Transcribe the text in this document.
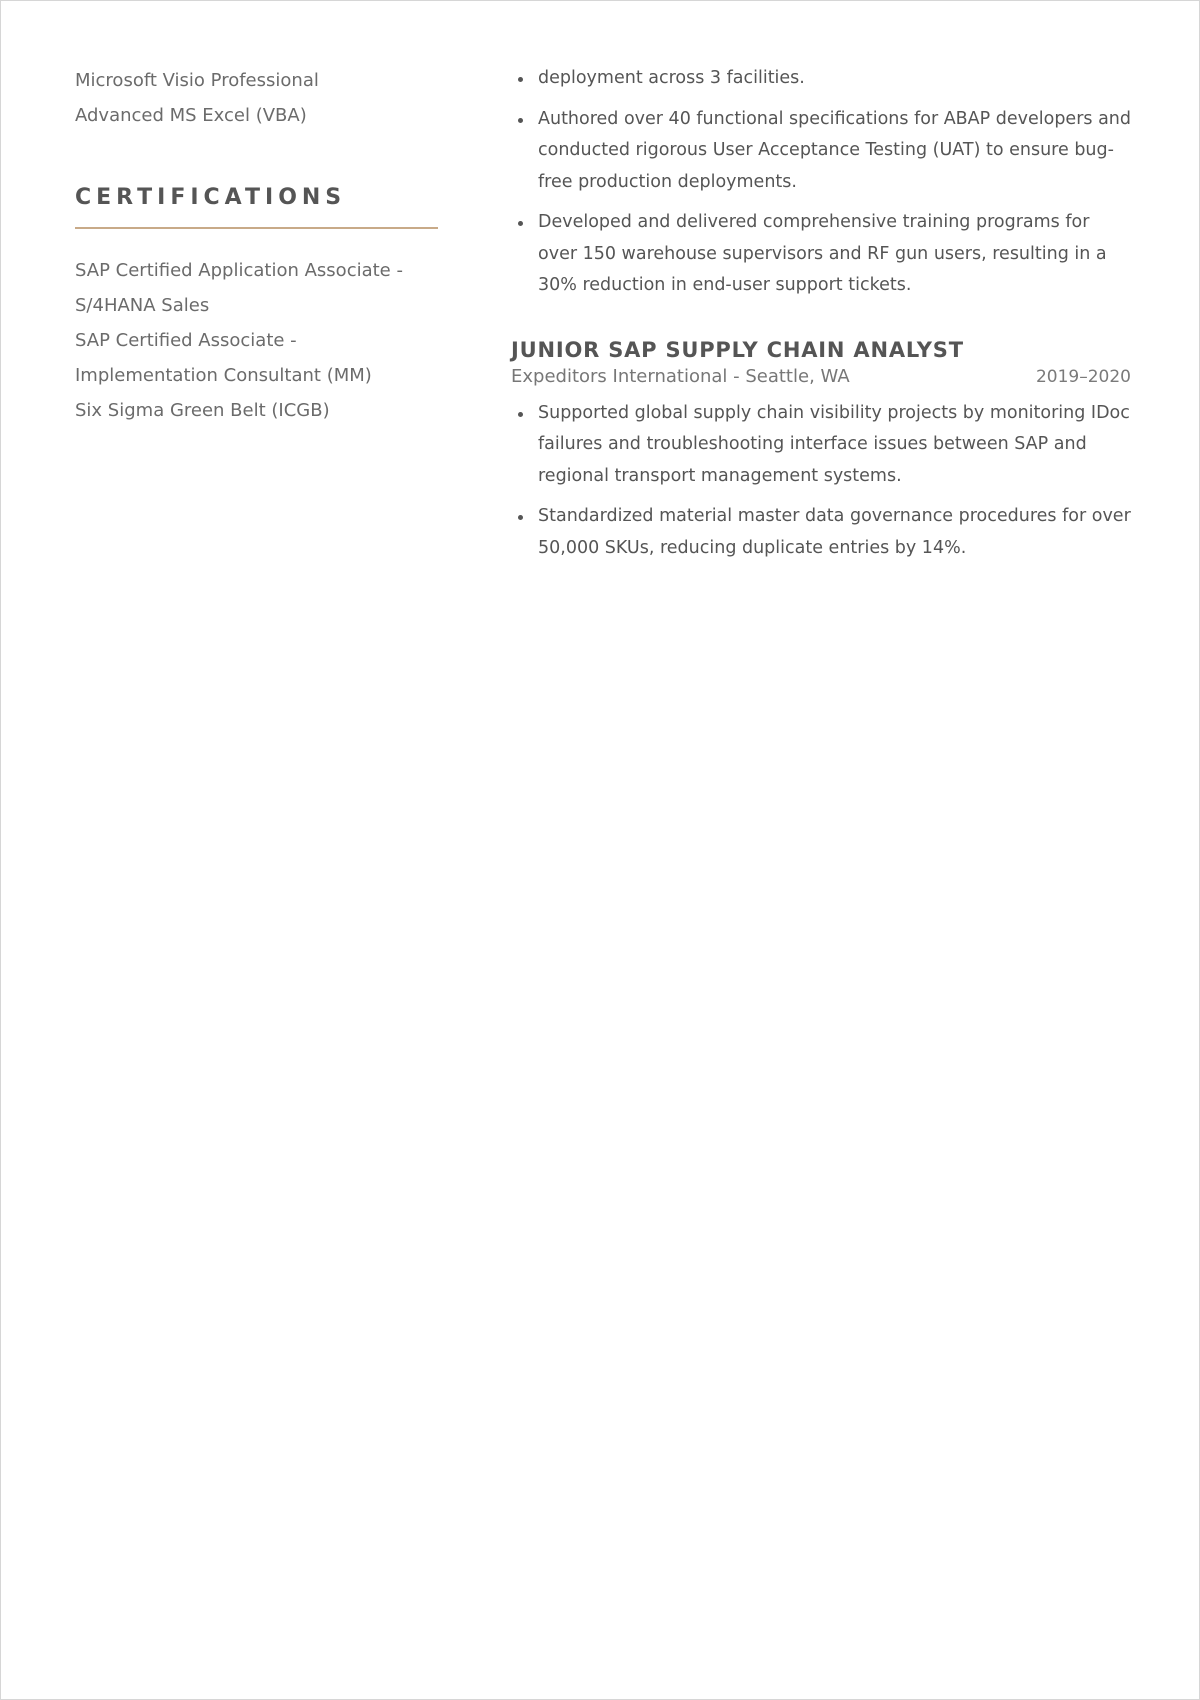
Microsoft Visio Professional

Advanced MS Excel (VBA)

CERTIFICATIONS

SAP Certified Application Associate -

S/4HANA Sales

SAP Certified Associate -

Implementation Consultant (MM)

Six Sigma Green Belt (ICGB)

deployment across 3 facilities.
Authored over 40 functional specifications for ABAP developers and conducted rigorous User Acceptance Testing (UAT) to ensure bug-free production deployments.
Developed and delivered comprehensive training programs for over 150 warehouse supervisors and RF gun users, resulting in a 30% reduction in end-user support tickets.
JUNIOR SAP SUPPLY CHAIN ANALYST
Expeditors International - Seattle, WA	2019–2020
Supported global supply chain visibility projects by monitoring IDoc failures and troubleshooting interface issues between SAP and regional transport management systems.
Standardized material master data governance procedures for over 50,000 SKUs, reducing duplicate entries by 14%.
